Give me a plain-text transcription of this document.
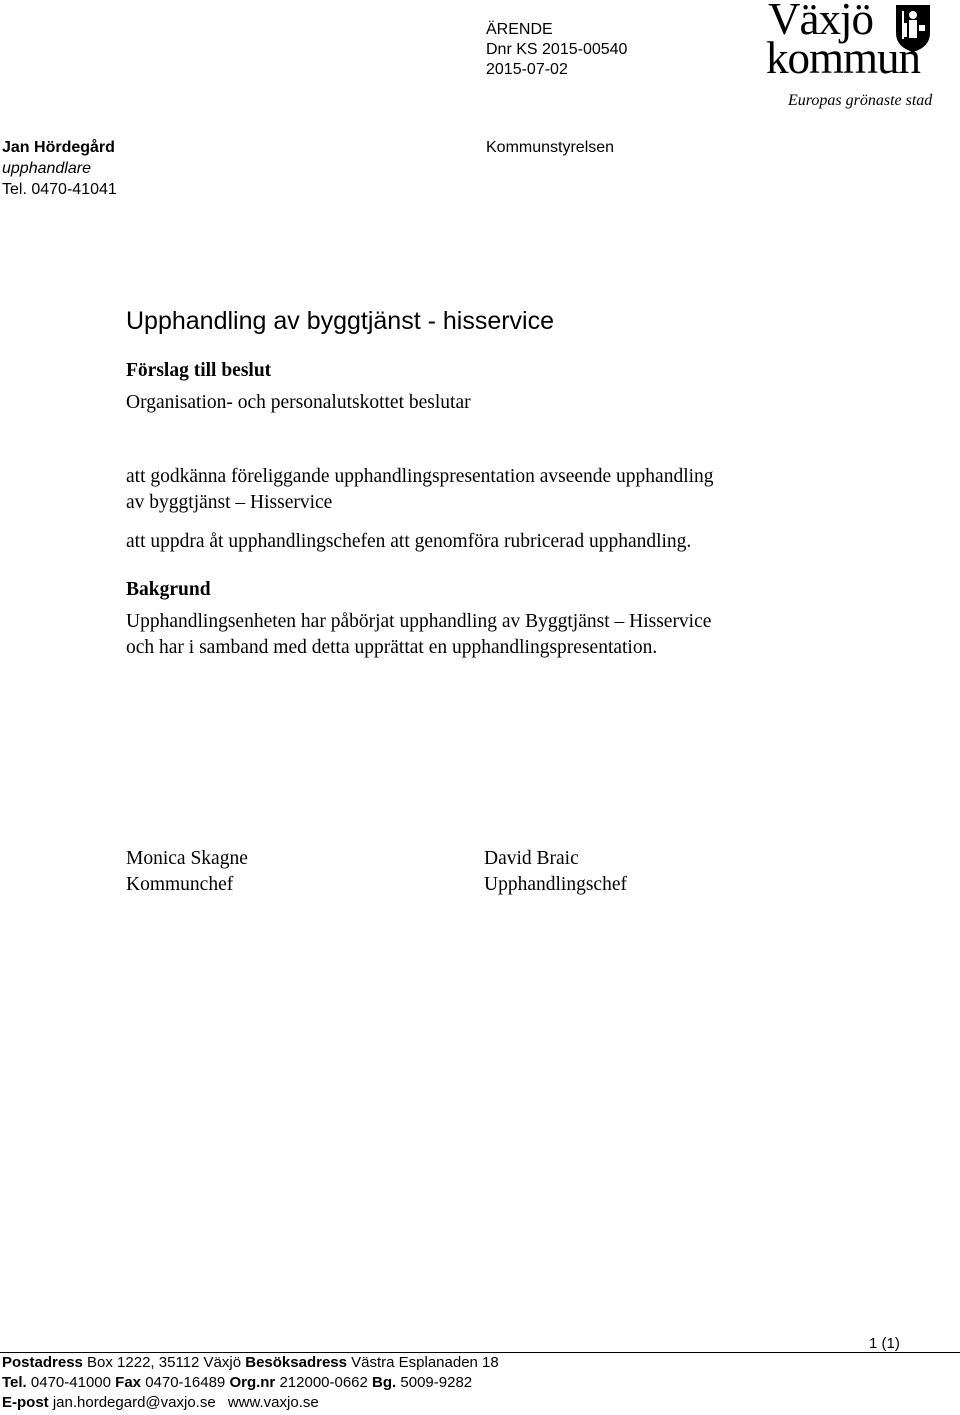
ÄRENDE
Dnr KS 2015-00540
2015-07-02
Växjö
kommun
Europas grönaste stad
Jan Hördegård
upphandlare
Tel. 0470-41041
Kommunstyrelsen
Upphandling av byggtjänst - hisservice
Förslag till beslut
Organisation- och personalutskottet beslutar
att godkänna föreliggande upphandlingspresentation avseende upphandling
av byggtjänst – Hisservice
att uppdra åt upphandlingschefen att genomföra rubricerad upphandling.
Bakgrund
Upphandlingsenheten har påbörjat upphandling av Byggtjänst – Hisservice
och har i samband med detta upprättat en upphandlingspresentation.
Monica Skagne
Kommunchef
David Braic
Upphandlingschef
1 (1)
Postadress Box 1222, 35112 Växjö Besöksadress Västra Esplanaden 18
Tel. 0470-41000 Fax 0470-16489 Org.nr 212000-0662 Bg. 5009-9282
E-post jan.hordegard@vaxjo.se www.vaxjo.se
